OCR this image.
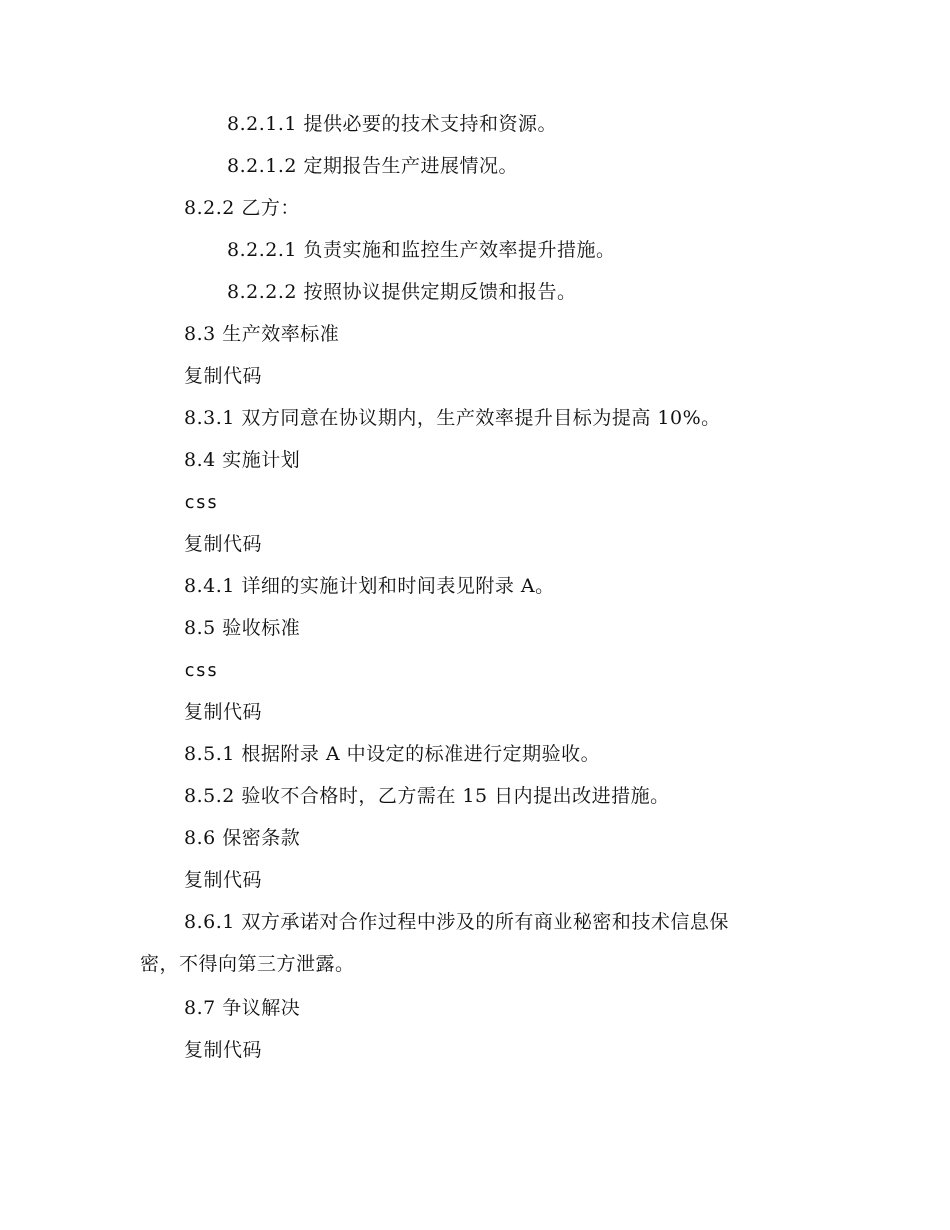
8.2.1.1 提供必要的技术支持和资源。
8.2.1.2 定期报告生产进展情况。
8.2.2 乙方：
8.2.2.1 负责实施和监控生产效率提升措施。
8.2.2.2 按照协议提供定期反馈和报告。
8.3 生产效率标准
复制代码
8.3.1 双方同意在协议期内，生产效率提升目标为提高 10%。
8.4 实施计划
css
复制代码
8.4.1 详细的实施计划和时间表见附录 A。
8.5 验收标准
css
复制代码
8.5.1 根据附录 A 中设定的标准进行定期验收。
8.5.2 验收不合格时，乙方需在 15 日内提出改进措施。
8.6 保密条款
复制代码
8.6.1 双方承诺对合作过程中涉及的所有商业秘密和技术信息保
密，不得向第三方泄露。
8.7 争议解决
复制代码
